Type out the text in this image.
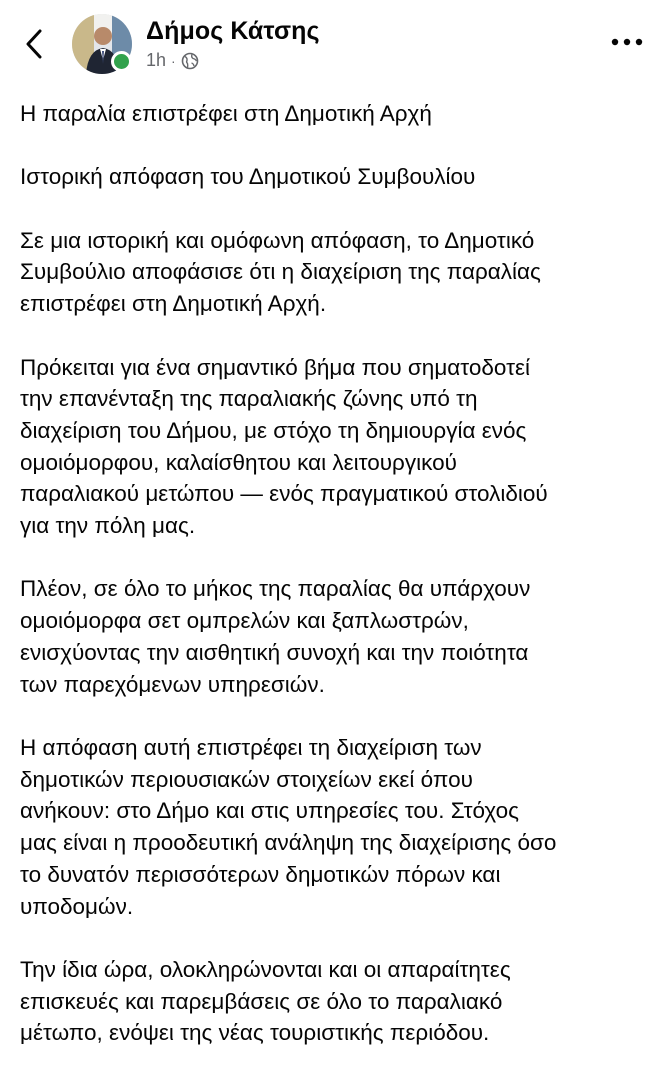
Δήμος Κάτσης
1h ·

Η παραλία επιστρέφει στη Δημοτική Αρχή

Ιστορική απόφαση του Δημοτικού Συμβουλίου

Σε μια ιστορική και ομόφωνη απόφαση, το Δημοτικό
Συμβούλιο αποφάσισε ότι η διαχείριση της παραλίας
επιστρέφει στη Δημοτική Αρχή.

Πρόκειται για ένα σημαντικό βήμα που σηματοδοτεί
την επανένταξη της παραλιακής ζώνης υπό τη
διαχείριση του Δήμου, με στόχο τη δημιουργία ενός
ομοιόμορφου, καλαίσθητου και λειτουργικού
παραλιακού μετώπου — ενός πραγματικού στολιδιού
για την πόλη μας.

Πλέον, σε όλο το μήκος της παραλίας θα υπάρχουν
ομοιόμορφα σετ ομπρελών και ξαπλωστρών,
ενισχύοντας την αισθητική συνοχή και την ποιότητα
των παρεχόμενων υπηρεσιών.

Η απόφαση αυτή επιστρέφει τη διαχείριση των
δημοτικών περιουσιακών στοιχείων εκεί όπου
ανήκουν: στο Δήμο και στις υπηρεσίες του. Στόχος
μας είναι η προοδευτική ανάληψη της διαχείρισης όσο
το δυνατόν περισσότερων δημοτικών πόρων και
υποδομών.

Την ίδια ώρα, ολοκληρώνονται και οι απαραίτητες
επισκευές και παρεμβάσεις σε όλο το παραλιακό
μέτωπο, ενόψει της νέας τουριστικής περιόδου.
